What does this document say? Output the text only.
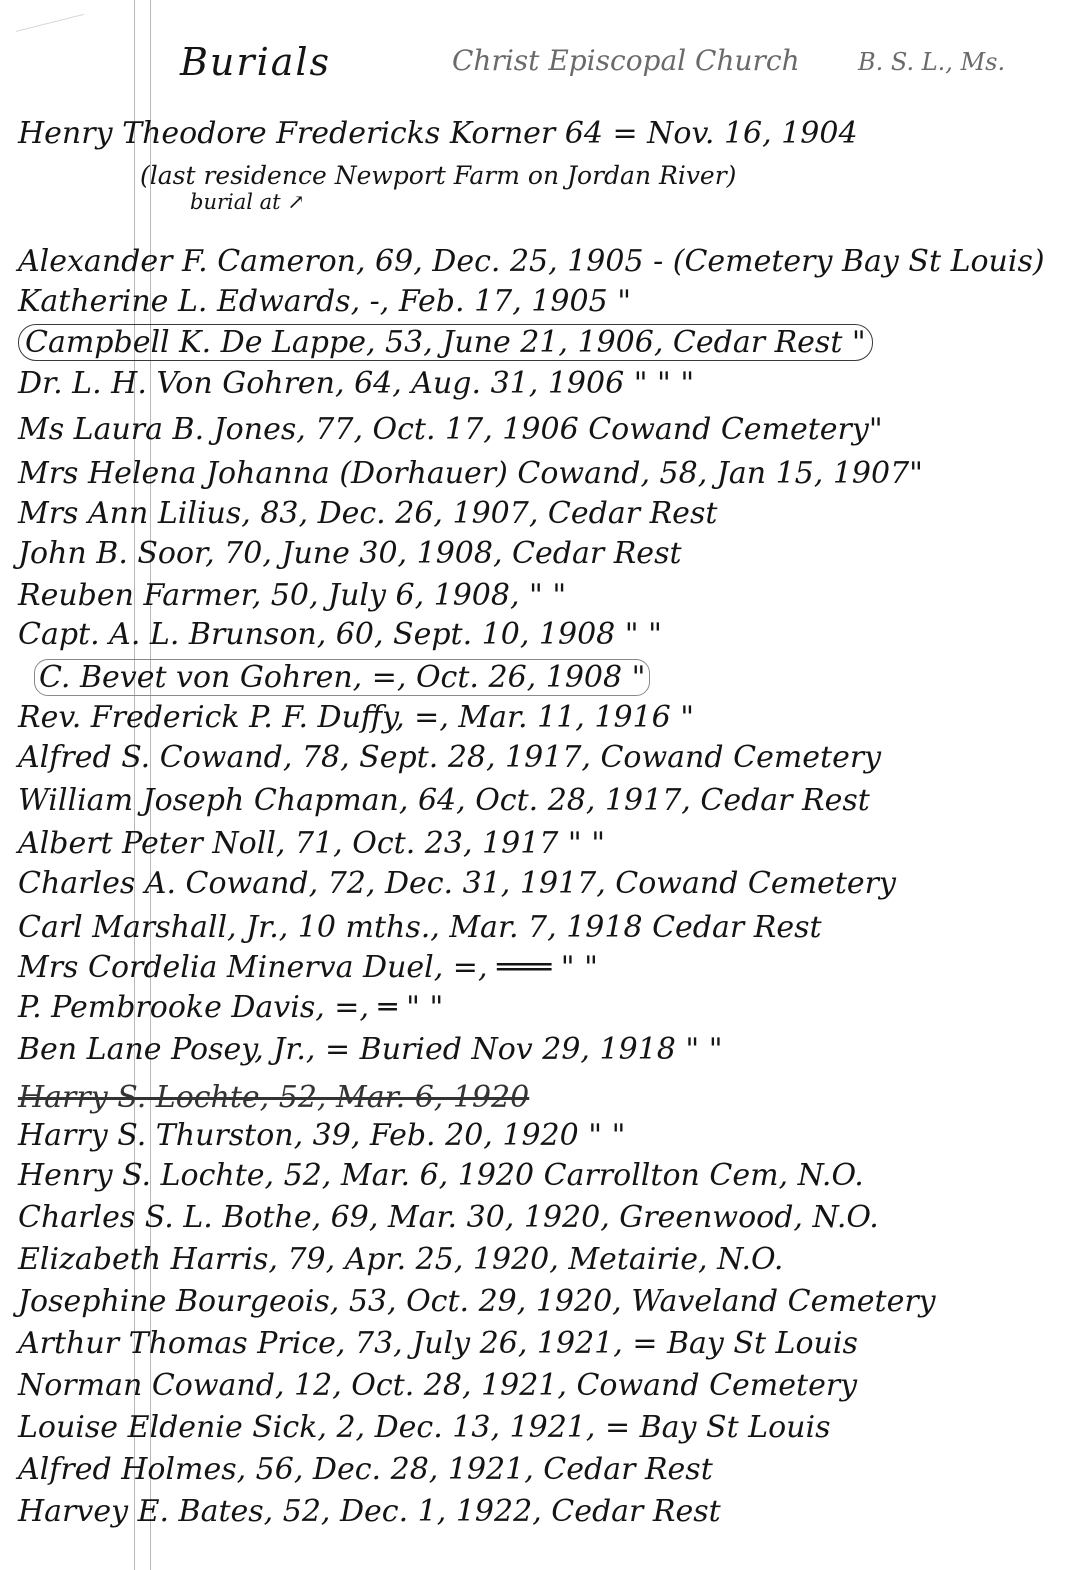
Burials	Christ Episcopal Church B. S. L., Ms.
Henry Theodore Fredericks Korner 64 = Nov. 16, 1904
(last residence Newport Farm on Jordan River)
burial at ↗
Alexander F. Cameron, 69, Dec. 25, 1905 - (Cemetery Bay St Louis)
Katherine L. Edwards, -, Feb. 17, 1905 "
Campbell K. De Lappe, 53, June 21, 1906, Cedar Rest "
Dr. L. H. Von Gohren, 64, Aug. 31, 1906 " " "
Ms Laura B. Jones, 77, Oct. 17, 1906 Cowand Cemetery"
Mrs Helena Johanna (Dorhauer) Cowand, 58, Jan 15, 1907"
Mrs Ann Lilius, 83, Dec. 26, 1907, Cedar Rest
John B. Soor, 70, June 30, 1908, Cedar Rest
Reuben Farmer, 50, July 6, 1908, " "
Capt. A. L. Brunson, 60, Sept. 10, 1908 " "
C. Bevet von Gohren, =, Oct. 26, 1908 "
Rev. Frederick P. F. Duffy, =, Mar. 11, 1916 "
Alfred S. Cowand, 78, Sept. 28, 1917, Cowand Cemetery
William Joseph Chapman, 64, Oct. 28, 1917, Cedar Rest
Albert Peter Noll, 71, Oct. 23, 1917 " "
Charles A. Cowand, 72, Dec. 31, 1917, Cowand Cemetery
Carl Marshall, Jr., 10 mths., Mar. 7, 1918 Cedar Rest
Mrs Cordelia Minerva Duel, =, ═══ " "
P. Pembrooke Davis, =, ═ " "
Ben Lane Posey, Jr., = Buried Nov 29, 1918 " "
Harry S. Lochte, 52, Mar. 6, 1920
Harry S. Thurston, 39, Feb. 20, 1920 " "
Henry S. Lochte, 52, Mar. 6, 1920 Carrollton Cem, N.O.
Charles S. L. Bothe, 69, Mar. 30, 1920, Greenwood, N.O.
Elizabeth Harris, 79, Apr. 25, 1920, Metairie, N.O.
Josephine Bourgeois, 53, Oct. 29, 1920, Waveland Cemetery
Arthur Thomas Price, 73, July 26, 1921, = Bay St Louis
Norman Cowand, 12, Oct. 28, 1921, Cowand Cemetery
Louise Eldenie Sick, 2, Dec. 13, 1921, = Bay St Louis
Alfred Holmes, 56, Dec. 28, 1921, Cedar Rest
Harvey E. Bates, 52, Dec. 1, 1922, Cedar Rest
